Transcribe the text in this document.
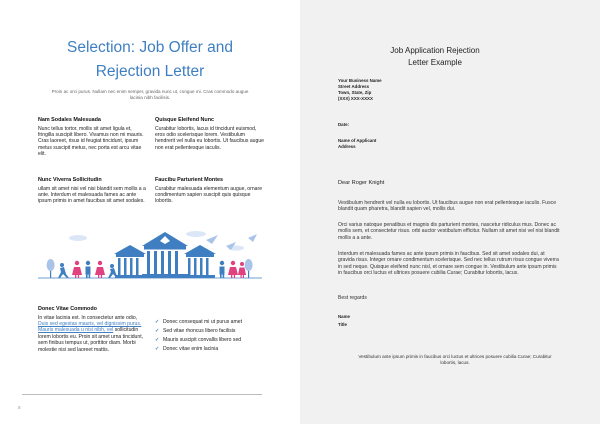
Selection: Job Offer and
Rejection Letter
Proin ac orci purus. Nullam nec enim semper, gravida nunc ut, congue mi. Cras commodo augue lacinia nibh facilisis.
Nam Sodales Malesuada

Nunc tellus tortor, mollis sit amet ligula et, fringilla suscipit libero. Vivamus non mi mauris. Cras laoreet, risus id feugiat tincidunt, ipsum metus suscipit metus, nec porta est arcu vitae elit.

Quisque Eleifend Nunc

Curabitur lobortis, lacus id tincidunt euismod, eros odio scelerisque lorem. Vestibulum hendrerit vel nulla eu lobortis. Ut faucibus augue non erat pellentesque iaculis.

Nunc Viverra Sollicitudin

ullam sit amet nisi vel nisi blandit sem mollis a a ante. Interdum et malesuada fames ac ante ipsum primis in amet faucibus sit amet sodales.

Faucibu Parturient Montes

Curabitur malesuada elementum augue, ornare condimentum sapien suscipit quis quisque lobortis.

Donec Vitae Commodo

In vitae lacinia est. In consectetur ante odio, Duis sed egestas mauris, vel dignissim purus. Mauris malesuada u nisi nibh, vel sollicitudin lorem lobortis eu. Proin sit amet urna tincidunt, sem finibus tempus ut, porttitor diam. Morbi molestie nisi sed laoreet mattis.

✓ Donec consequat mi ut purus amet
✓ Sed vitae rhoncus libero facilisis
✓ Mauris suscipit convallis libero sed
✓ Donec vitae enim lacinia
8
Job Application Rejection
Letter Example
Your Business Name
Street Address
Town, State, Zip
(XXX) XXX-XXXX
Date:
Name of Applicant
Address
Dear Roger Knight
Vestibulum hendrerit vel nulla eu lobortis. Ut faucibus augue non erat pellentesque iaculis. Fusce blandit quam pharetra, blandit sapien vel, mollis dui.
Orci varius natoque penatibus et magnis dis parturient montes, nascetur ridiculus mus. Donec ac mollis sem, et consectetur risus. orbi auctor vestibulum efficitur. Nullam sit amet nisi vel nisi blandit mollis a a ante.
Interdum et malesuada fames ac ante ipsum primis in faucibus. Sed sit amet sodales dui, at gravida risus. Integer ornare condimentum scelerisque. Sed nec tellus rutrum risus congue viverra in sed neque. Quisque eleifend nunc nisl, et ornare sem congue in. Vestibulum ante ipsum primis in faucibus orci luctus et ultrices posuere cubilia Curae; Curabitur lobortis, lacus.
Best regards
Name
Title
Vestibulum ante ipsum primis in faucibus orci luctus et ultrices posuere cubilia Curae; Curabitur lobortis, lacus.
